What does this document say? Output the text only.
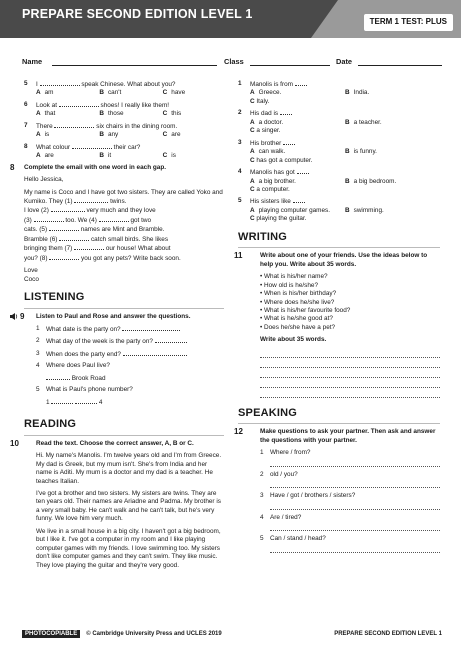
PREPARE SECOND EDITION LEVEL 1
TERM 1 TEST: PLUS
Name	Class	Date
5 I	speak Chinese. What about you?
A am	B can't	C have
6 Look at	shoes! I really like them!
A that	B those	C this
7 There	six chairs in the dining room.
A is	B any	C are
8 What colour	their car?
A are	B it	C is
8 Complete the email with one word in each gap.

Hello Jessica,

My name is Coco and I have got two sisters. They are called Yoko and Kumiko. They (1)	twins.
I love (2)	very much and they love
(3)	too. We (4)	got two
cats. (5)	names are Mint and Bramble.
Bramble (6)	catch small birds. She likes
bringing them (7)	our house! What about
you? (8)	you got any pets? Write back soon.

Love

Coco

LISTENING
9 Listen to Paul and Rose and answer the questions.
1 What date is the party on?
2 What day of the week is the party on?
3 When does the party end?
4 Where does Paul live?
Brook Road
5 What is Paul's phone number?
1	4
READING
10	Read the text. Choose the correct answer, A, B or C.

Hi. My name's Manolis. I'm twelve years old and I'm from Greece. My dad is Greek, but my mum isn't. She's from India and her name is Aditi. My mum is a doctor and my dad is a teacher. He teaches Italian.

I've got a brother and two sisters. My sisters are twins. They are ten years old. Their names are Ariadne and Padma. My brother is a very small baby. He can't walk and he can't talk, but he's very funny. We love him very much.

We live in a small house in a big city. I haven't got a big bedroom, but I like it. I've got a computer in my room and I like playing computer games with my friends. I love swimming too. My sisters don't like computer games and they can't swim. They like music. They love playing the guitar and they're very good.

1 Manolis is from
A Greece.	B India.
C Italy.
2 His dad is
A a doctor.	B a teacher.
C a singer.
3 His brother
A can walk.	B is funny.
C has got a computer.
4 Manolis has got
A a big brother.	B a big bedroom.
C a computer.
5 His sisters like
A playing computer games.	B swimming.
C playing the guitar.
WRITING
11	Write about one of your friends. Use the ideas below to help you. Write about 35 words.
• What is his/her name?
• How old is he/she?
• When is his/her birthday?
• Where does he/she live?
• What is his/her favourite food?
• What is he/she good at?
• Does he/she have a pet?
Write about 35 words.
SPEAKING
12	Make questions to ask your partner. Then ask and answer the questions with your partner.
1 Where / from?
2 old / you?
3 Have / got / brothers / sisters?
4 Are / tired?
5 Can / stand / head?
PHOTOCOPIABLE © Cambridge University Press and UCLES 2019	PREPARE SECOND EDITION LEVEL 1
